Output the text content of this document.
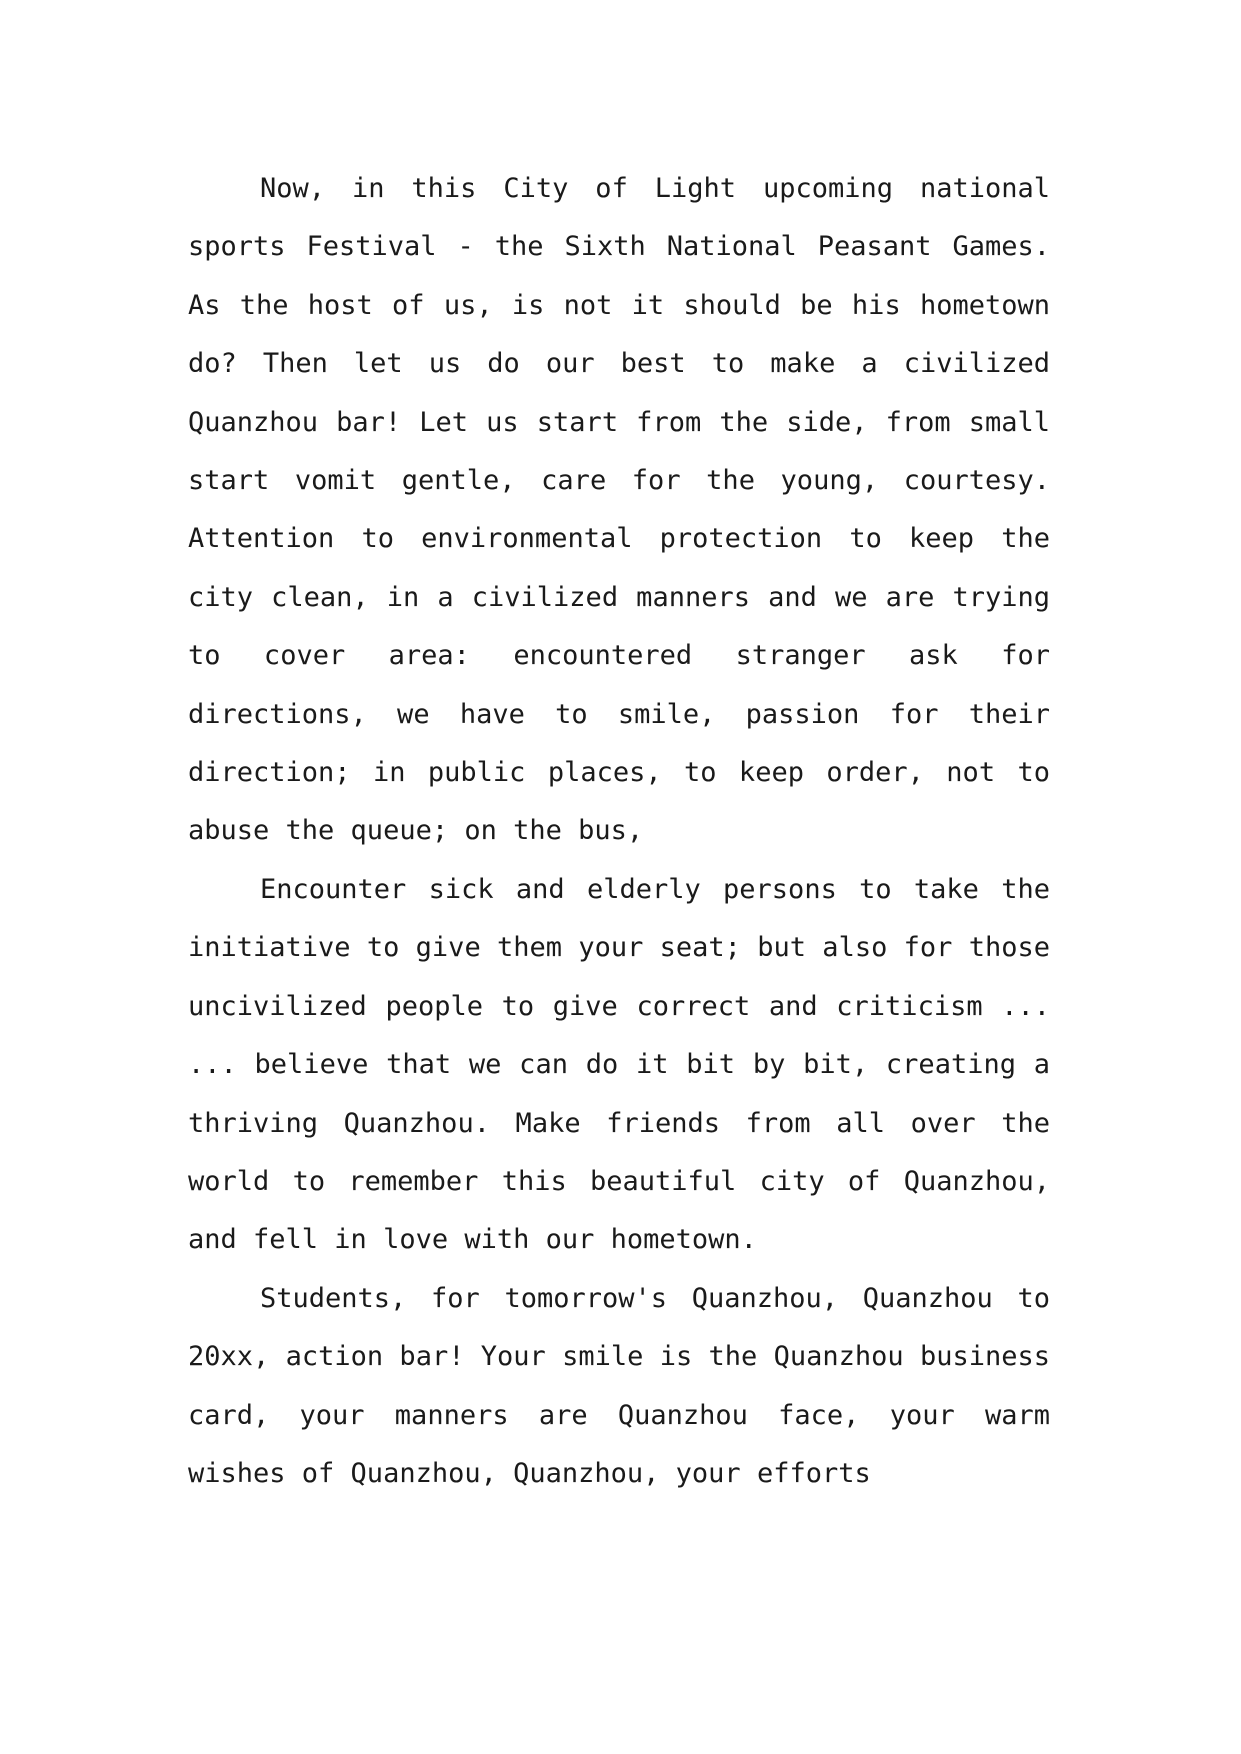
Now, in this City of Light upcoming national sports Festival - the Sixth National Peasant Games. As the host of us, is not it should be his hometown do? Then let us do our best to make a civilized Quanzhou bar! Let us start from the side, from small start vomit gentle, care for the young, courtesy. Attention to environmental protection to keep the city clean, in a civilized manners and we are trying to cover area: encountered stranger ask for directions, we have to smile, passion for their direction; in public places, to keep order, not to abuse the queue; on the bus,

Encounter sick and elderly persons to take the initiative to give them your seat; but also for those uncivilized people to give correct and criticism ... ... believe that we can do it bit by bit, creating a thriving Quanzhou. Make friends from all over the world to remember this beautiful city of Quanzhou, and fell in love with our hometown.

Students, for tomorrow's Quanzhou, Quanzhou to 20xx, action bar! Your smile is the Quanzhou business card, your manners are Quanzhou face, your warm wishes of Quanzhou, Quanzhou, your efforts
